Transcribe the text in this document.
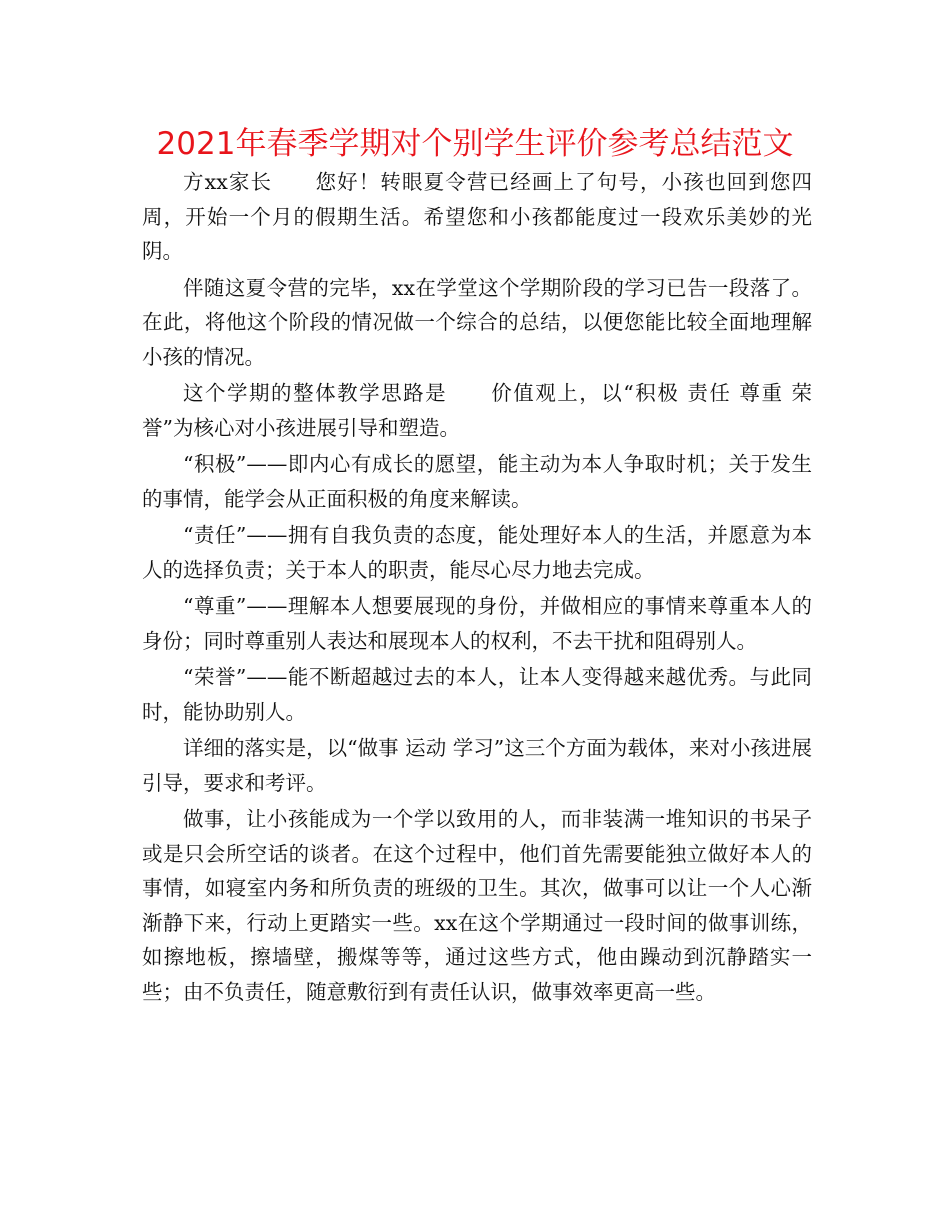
2021年春季学期对个别学生评价参考总结范文

方xx家长　　您好！转眼夏令营已经画上了句号，小孩也回到您四周，开始一个月的假期生活。希望您和小孩都能度过一段欢乐美妙的光阴。

伴随这夏令营的完毕，xx在学堂这个学期阶段的学习已告一段落了。在此，将他这个阶段的情况做一个综合的总结，以便您能比较全面地理解小孩的情况。

这个学期的整体教学思路是　　价值观上，以“积极 责任 尊重 荣誉”为核心对小孩进展引导和塑造。

“积极”——即内心有成长的愿望，能主动为本人争取时机；关于发生的事情，能学会从正面积极的角度来解读。

“责任”——拥有自我负责的态度，能处理好本人的生活，并愿意为本人的选择负责；关于本人的职责，能尽心尽力地去完成。

“尊重”——理解本人想要展现的身份，并做相应的事情来尊重本人的身份；同时尊重别人表达和展现本人的权利，不去干扰和阻碍别人。

“荣誉”——能不断超越过去的本人，让本人变得越来越优秀。与此同时，能协助别人。

详细的落实是，以“做事 运动 学习”这三个方面为载体，来对小孩进展引导，要求和考评。

做事，让小孩能成为一个学以致用的人，而非装满一堆知识的书呆子或是只会所空话的谈者。在这个过程中，他们首先需要能独立做好本人的事情，如寝室内务和所负责的班级的卫生。其次，做事可以让一个人心渐渐静下来，行动上更踏实一些。xx在这个学期通过一段时间的做事训练，如擦地板，擦墙壁，搬煤等等，通过这些方式，他由躁动到沉静踏实一些；由不负责任，随意敷衍到有责任认识，做事效率更高一些。
